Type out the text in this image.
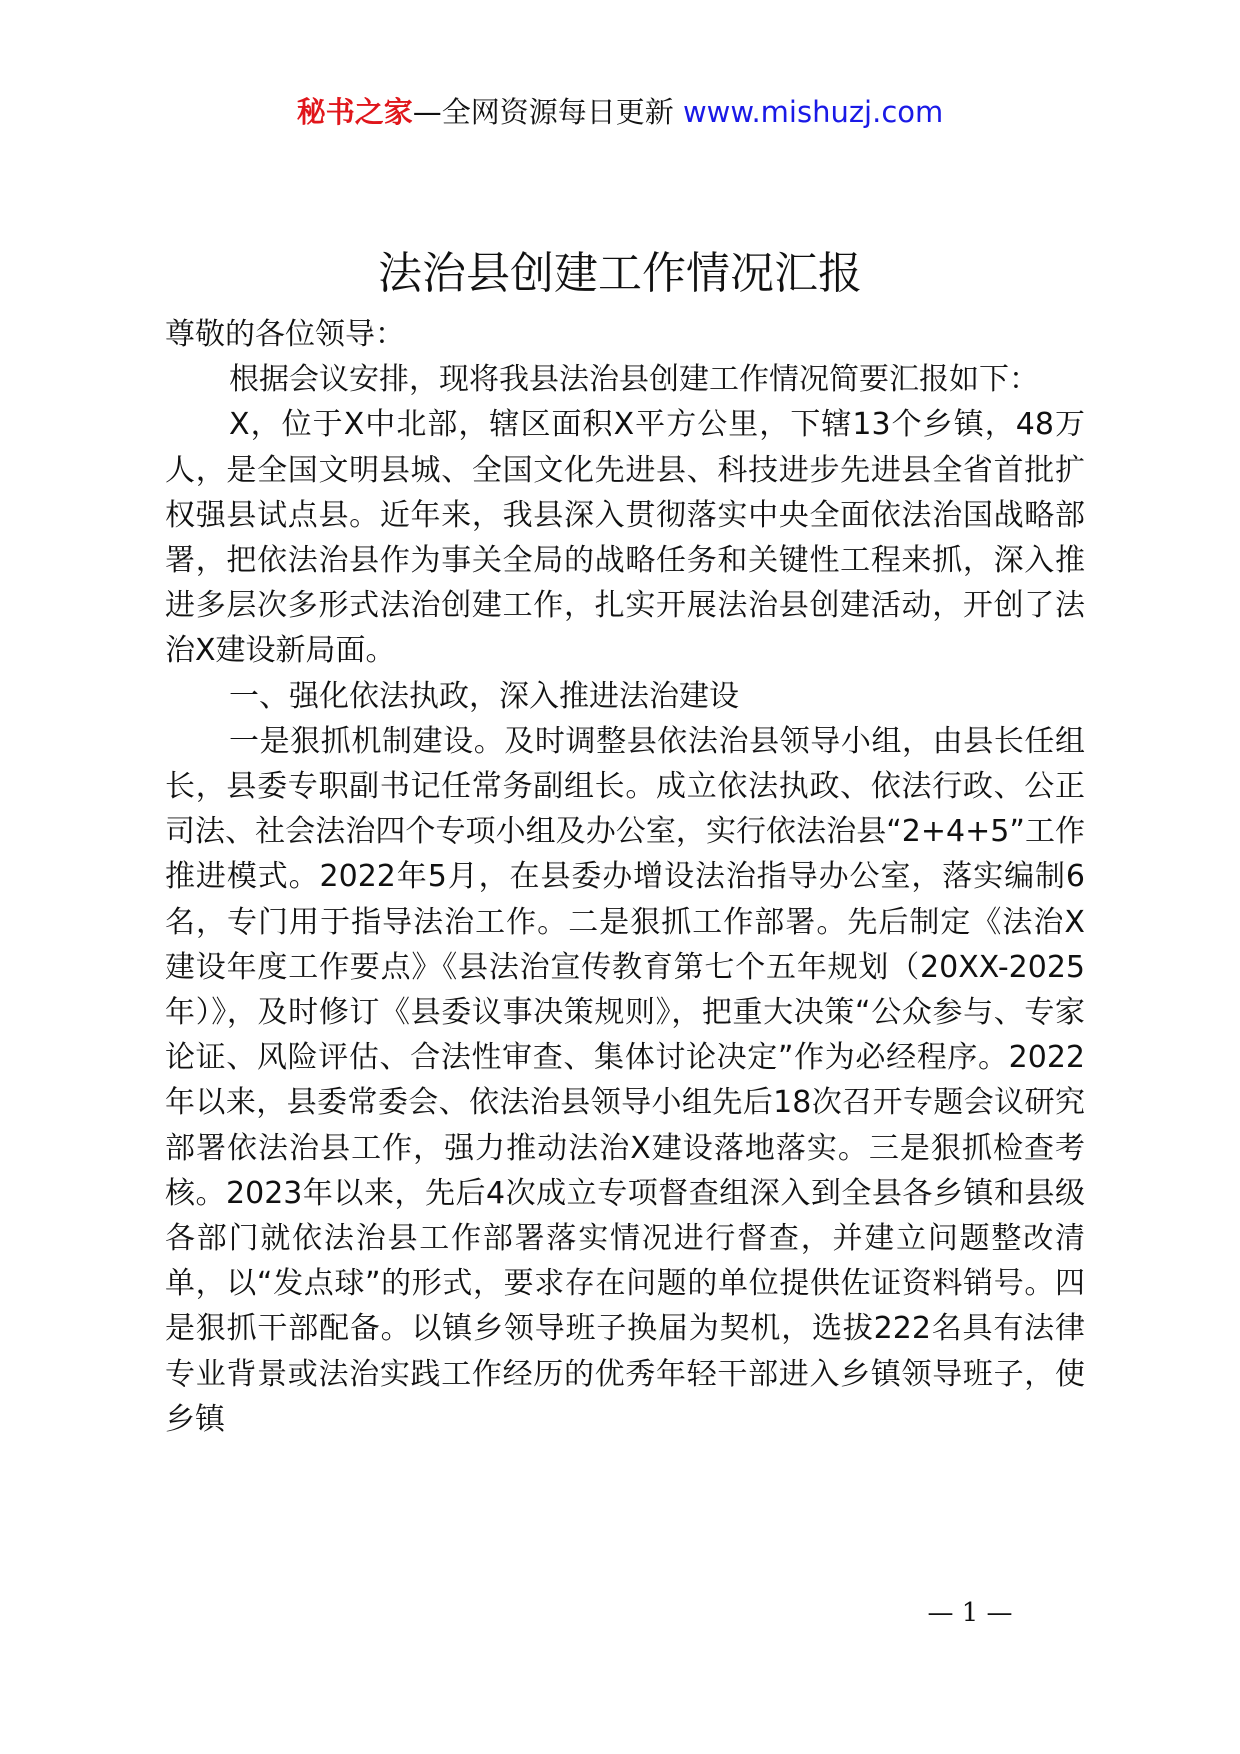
秘书之家—全网资源每日更新 www.mishuzj.com
法治县创建工作情况汇报

尊敬的各位领导：

根据会议安排，现将我县法治县创建工作情况简要汇报如下：

X，位于X中北部，辖区面积X平方公里，下辖13个乡镇，48万人，是全国文明县城、全国文化先进县、科技进步先进县全省首批扩权强县试点县。近年来，我县深入贯彻落实中央全面依法治国战略部署，把依法治县作为事关全局的战略任务和关键性工程来抓，深入推进多层次多形式法治创建工作，扎实开展法治县创建活动，开创了法治X建设新局面。

一、强化依法执政，深入推进法治建设

一是狠抓机制建设。及时调整县依法治县领导小组，由县长任组长，县委专职副书记任常务副组长。成立依法执政、依法行政、公正司法、社会法治四个专项小组及办公室，实行依法治县“2+4+5”工作推进模式。2022年5月，在县委办增设法治指导办公室，落实编制6名，专门用于指导法治工作。二是狠抓工作部署。先后制定《法治X建设年度工作要点》《县法治宣传教育第七个五年规划（20XX-2025年）》，及时修订《县委议事决策规则》，把重大决策“公众参与、专家论证、风险评估、合法性审查、集体讨论决定”作为必经程序。2022年以来，县委常委会、依法治县领导小组先后18次召开专题会议研究部署依法治县工作，强力推动法治X建设落地落实。三是狠抓检查考核。2023年以来，先后4次成立专项督查组深入到全县各乡镇和县级各部门就依法治县工作部署落实情况进行督查，并建立问题整改清单，以“发点球”的形式，要求存在问题的单位提供佐证资料销号。四是狠抓干部配备。以镇乡领导班子换届为契机，选拔222名具有法律专业背景或法治实践工作经历的优秀年轻干部进入乡镇领导班子，使乡镇

— 1 —
